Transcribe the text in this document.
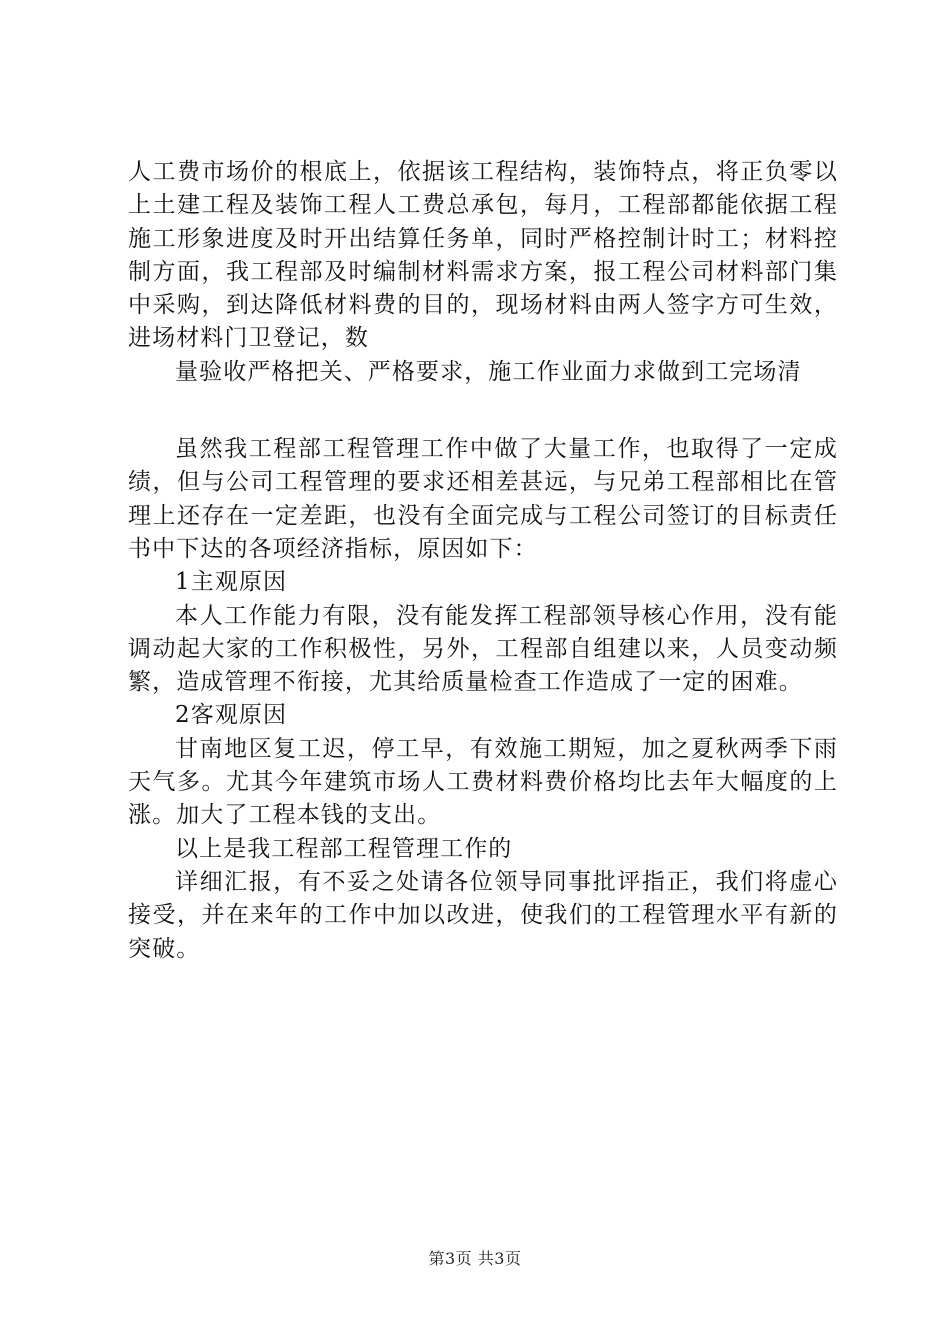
人工费市场价的根底上，依据该工程结构，装饰特点，将正负零以上土建工程及装饰工程人工费总承包，每月，工程部都能依据工程施工形象进度及时开出结算任务单，同时严格控制计时工；材料控制方面，我工程部及时编制材料需求方案，报工程公司材料部门集中采购，到达降低材料费的目的，现场材料由两人签字方可生效，进场材料门卫登记，数

量验收严格把关、严格要求，施工作业面力求做到工完场清

虽然我工程部工程管理工作中做了大量工作，也取得了一定成绩，但与公司工程管理的要求还相差甚远，与兄弟工程部相比在管理上还存在一定差距，也没有全面完成与工程公司签订的目标责任书中下达的各项经济指标，原因如下：

1主观原因

本人工作能力有限，没有能发挥工程部领导核心作用，没有能调动起大家的工作积极性，另外，工程部自组建以来，人员变动频繁，造成管理不衔接，尤其给质量检查工作造成了一定的困难。

2客观原因

甘南地区复工迟，停工早，有效施工期短，加之夏秋两季下雨天气多。尤其今年建筑市场人工费材料费价格均比去年大幅度的上涨。加大了工程本钱的支出。

以上是我工程部工程管理工作的

详细汇报，有不妥之处请各位领导同事批评指正，我们将虚心接受，并在来年的工作中加以改进，使我们的工程管理水平有新的突破。

第3页 共3页
